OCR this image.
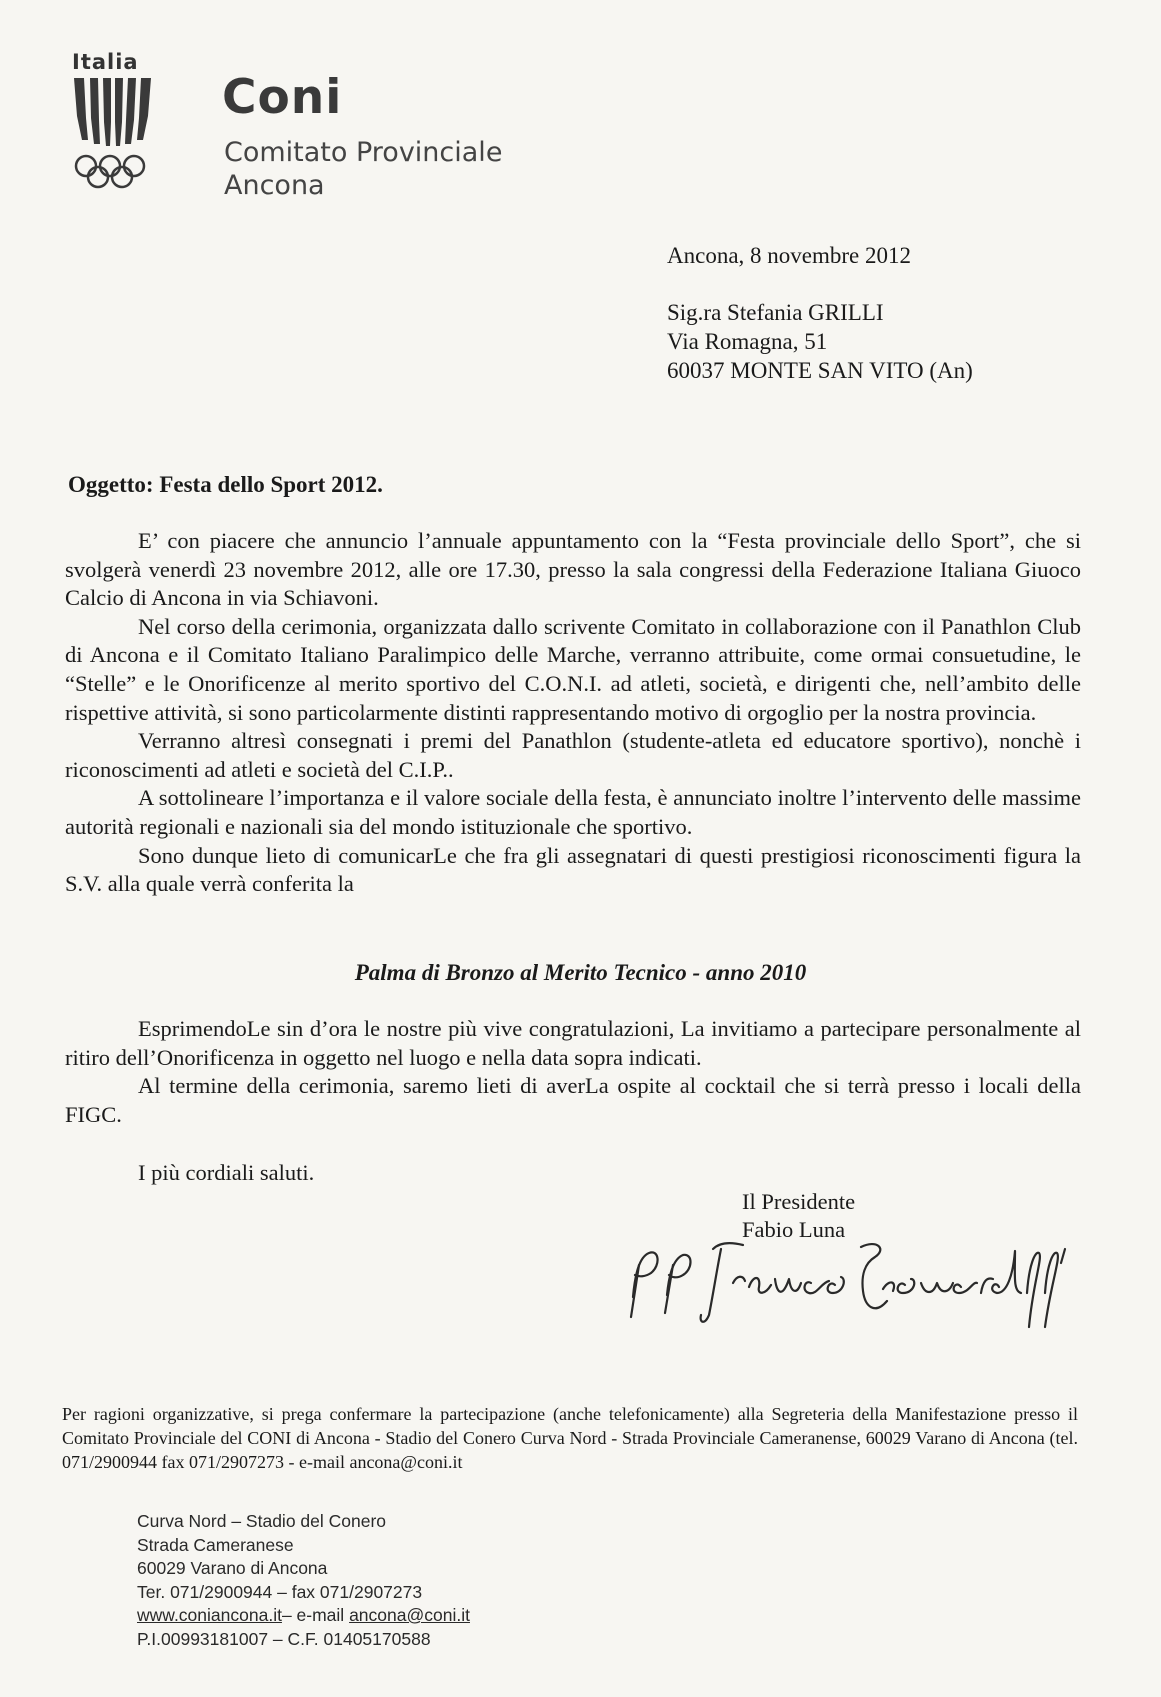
Italia
Coni
Comitato Provinciale
Ancona
Ancona, 8 novembre 2012
Sig.ra Stefania GRILLI
Via Romagna, 51
60037 MONTE SAN VITO (An)
Oggetto: Festa dello Sport 2012.

E’ con piacere che annuncio l’annuale appuntamento con la “Festa provinciale dello Sport”, che si svolgerà venerdì 23 novembre 2012, alle ore 17.30, presso la sala congressi della Federazione Italiana Giuoco Calcio di Ancona in via Schiavoni.

Nel corso della cerimonia, organizzata dallo scrivente Comitato in collaborazione con il Panathlon Club di Ancona e il Comitato Italiano Paralimpico delle Marche, verranno attribuite, come ormai consuetudine, le “Stelle” e le Onorificenze al merito sportivo del C.O.N.I. ad atleti, società, e dirigenti che, nell’ambito delle rispettive attività, si sono particolarmente distinti rappresentando motivo di orgoglio per la nostra provincia.

Verranno altresì consegnati i premi del Panathlon (studente-atleta ed educatore sportivo), nonchè i riconoscimenti ad atleti e società del C.I.P..

A sottolineare l’importanza e il valore sociale della festa, è annunciato inoltre l’intervento delle massime autorità regionali e nazionali sia del mondo istituzionale che sportivo.

Sono dunque lieto di comunicarLe che fra gli assegnatari di questi prestigiosi riconoscimenti figura la S.V. alla quale verrà conferita la

Palma di Bronzo al Merito Tecnico - anno 2010

EsprimendoLe sin d’ora le nostre più vive congratulazioni, La invitiamo a partecipare personalmente al ritiro dell’Onorificenza in oggetto nel luogo e nella data sopra indicati.

Al termine della cerimonia, saremo lieti di averLa ospite al cocktail che si terrà presso i locali della FIGC.

I più cordiali saluti.
Il Presidente
Fabio Luna
Per ragioni organizzative, si prega confermare la partecipazione (anche telefonicamente) alla Segreteria della Manifestazione presso il Comitato Provinciale del CONI di Ancona - Stadio del Conero Curva Nord - Strada Provinciale Cameranense, 60029 Varano di Ancona (tel. 071/2900944 fax 071/2907273 - e-mail ancona@coni.it
Curva Nord – Stadio del Conero
Strada Cameranese
60029 Varano di Ancona
Ter. 071/2900944 – fax 071/2907273
www.coniancona.it– e-mail ancona@coni.it
P.I.00993181007 – C.F. 01405170588
